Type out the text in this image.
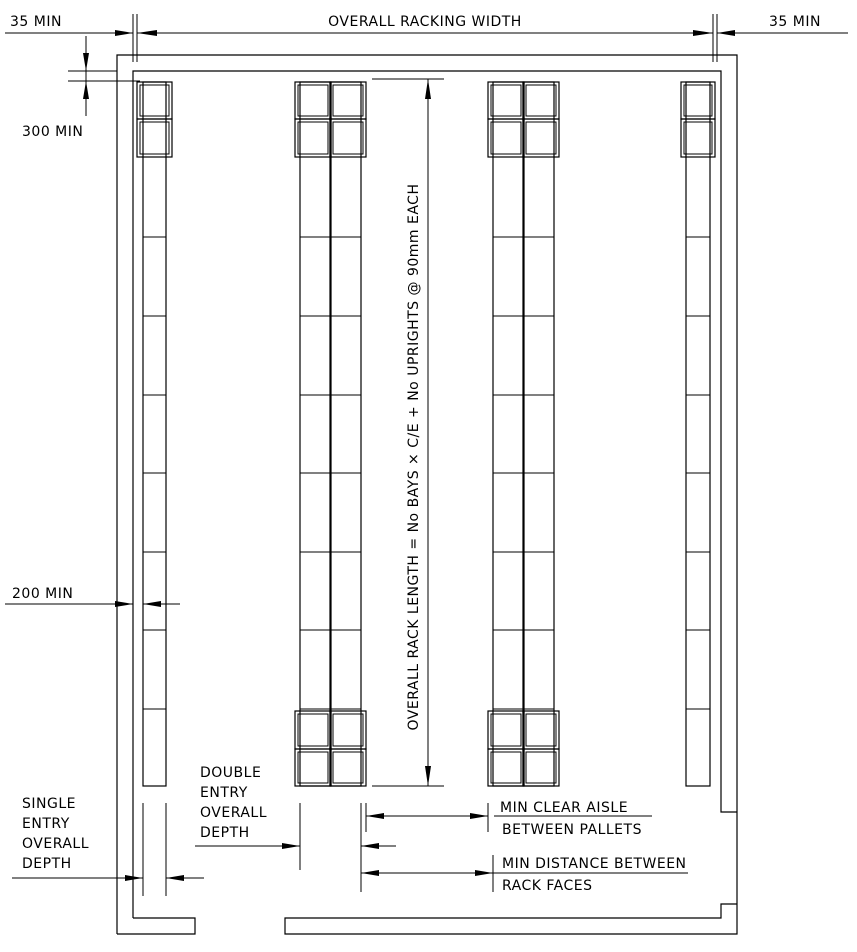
OVERALL RACKING WIDTH
35 MIN	35 MIN
300 MIN
200 MIN	OVERALL RACK LENGTH = No BAYS × C/E + No UPRIGHTS @ 90mm EACH
SINGLE
ENTRY
OVERALL
DEPTH
DOUBLE
ENTRY
OVERALL
DEPTH
MIN CLEAR AISLE
BETWEEN PALLETS
MIN DISTANCE BETWEEN
RACK FACES
